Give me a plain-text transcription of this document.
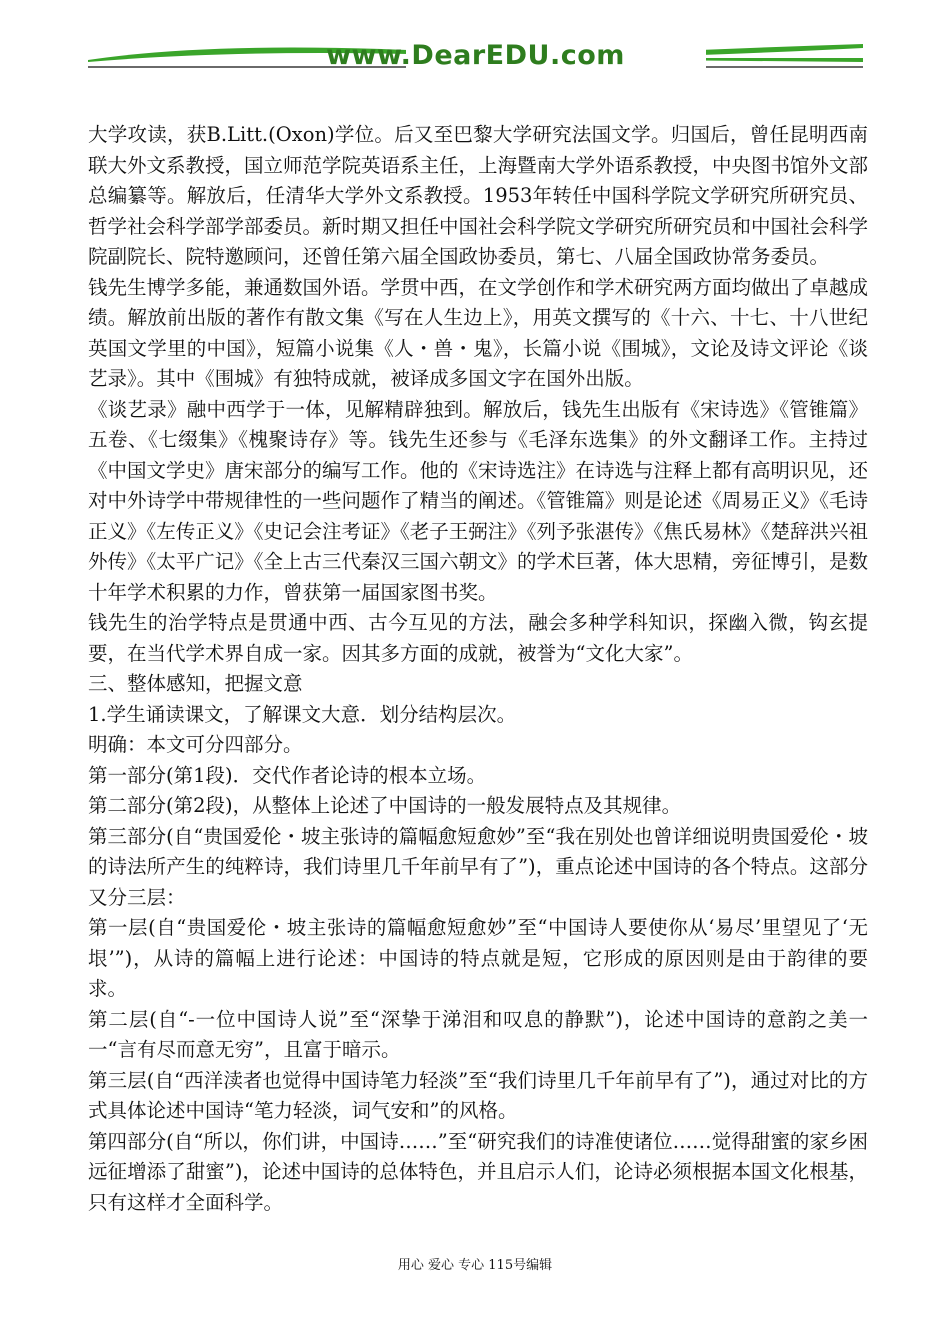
www.DearEDU.com

大学攻读，获B.Litt.(Oxon)学位。后又至巴黎大学研究法国文学。归国后，曾任昆明西南联大外文系教授，国立师范学院英语系主任，上海暨南大学外语系教授，中央图书馆外文部总编纂等。解放后，任清华大学外文系教授。1953年转任中国科学院文学研究所研究员、哲学社会科学部学部委员。新时期又担任中国社会科学院文学研究所研究员和中国社会科学院副院长、院特邀顾问，还曾任第六届全国政协委员，第七、八届全国政协常务委员。

钱先生博学多能，兼通数国外语。学贯中西，在文学创作和学术研究两方面均做出了卓越成绩。解放前出版的著作有散文集《写在人生边上》，用英文撰写的《十六、十七、十八世纪英国文学里的中国》，短篇小说集《人・兽・鬼》，长篇小说《围城》，文论及诗文评论《谈艺录》。其中《围城》有独特成就，被译成多国文字在国外出版。

《谈艺录》融中西学于一体，见解精辟独到。解放后，钱先生出版有《宋诗选》《管锥篇》五卷、《七缀集》《槐聚诗存》等。钱先生还参与《毛泽东选集》的外文翻译工作。主持过《中国文学史》唐宋部分的编写工作。他的《宋诗选注》在诗选与注释上都有高明识见，还对中外诗学中带规律性的一些问题作了精当的阐述。《管锥篇》则是论述《周易正义》《毛诗正义》《左传正义》《史记会注考证》《老子王弼注》《列予张湛传》《焦氏易林》《楚辞洪兴祖外传》《太平广记》《全上古三代秦汉三国六朝文》的学术巨著，体大思精，旁征博引，是数十年学术积累的力作，曾获第一届国家图书奖。

钱先生的治学特点是贯通中西、古今互见的方法，融会多种学科知识，探幽入微，钩玄提要，在当代学术界自成一家。因其多方面的成就，被誉为“文化大家”。

三、整体感知，把握文意

1.学生诵读课文，了解课文大意．划分结构层次。

明确：本文可分四部分。

第一部分(第1段)．交代作者论诗的根本立场。

第二部分(第2段)，从整体上论述了中国诗的一般发展特点及其规律。

第三部分(自“贵国爱伦・坡主张诗的篇幅愈短愈妙”至“我在别处也曾详细说明贵国爱伦・坡的诗法所产生的纯粹诗，我们诗里几千年前早有了”)，重点论述中国诗的各个特点。这部分又分三层：

第一层(自“贵国爱伦・坡主张诗的篇幅愈短愈妙”至“中国诗人要使你从‘易尽’里望见了‘无垠’”)，从诗的篇幅上进行论述：中国诗的特点就是短，它形成的原因则是由于韵律的要求。

第二层(自“-一位中国诗人说”至“深挚于涕泪和叹息的静默”)，论述中国诗的意韵之美一一“言有尽而意无穷”，且富于暗示。

第三层(自“西洋渎者也觉得中国诗笔力轻淡”至“我们诗里几千年前早有了”)，通过对比的方式具体论述中国诗“笔力轻淡，词气安和”的风格。

第四部分(自“所以，你们讲，中国诗……”至“研究我们的诗准使诸位……觉得甜蜜的家乡困远征增添了甜蜜”)，论述中国诗的总体特色，并且启示人们，论诗必须根据本国文化根基，只有这样才全面科学。

用心 爱心 专心 115号编辑
